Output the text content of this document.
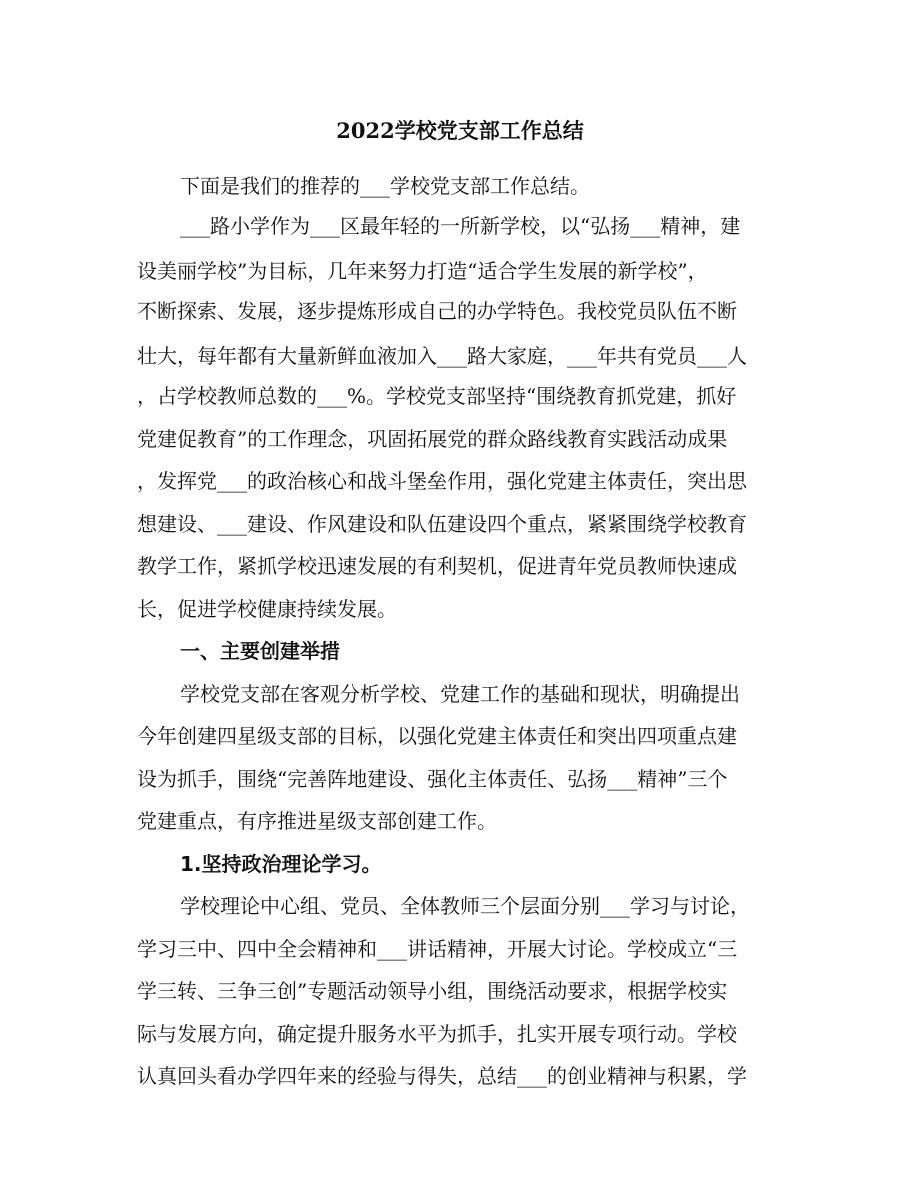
2022学校党支部工作总结
下面是我们的推荐的___学校党支部工作总结。
___路小学作为___区最年轻的一所新学校，以“弘扬___精神，建
设美丽学校”为目标，几年来努力打造“适合学生发展的新学校”，
不断探索、发展，逐步提炼形成自己的办学特色。我校党员队伍不断
壮大，每年都有大量新鲜血液加入___路大家庭，___年共有党员___人
，占学校教师总数的___%。学校党支部坚持“围绕教育抓党建，抓好
党建促教育”的工作理念，巩固拓展党的群众路线教育实践活动成果
，发挥党___的政治核心和战斗堡垒作用，强化党建主体责任，突出思
想建设、___建设、作风建设和队伍建设四个重点，紧紧围绕学校教育
教学工作，紧抓学校迅速发展的有利契机，促进青年党员教师快速成
长，促进学校健康持续发展。
一、主要创建举措
学校党支部在客观分析学校、党建工作的基础和现状，明确提出
今年创建四星级支部的目标，以强化党建主体责任和突出四项重点建
设为抓手，围绕“完善阵地建设、强化主体责任、弘扬___精神”三个
党建重点，有序推进星级支部创建工作。
1.坚持政治理论学习。
学校理论中心组、党员、全体教师三个层面分别___学习与讨论，
学习三中、四中全会精神和___讲话精神，开展大讨论。学校成立“三
学三转、三争三创”专题活动领导小组，围绕活动要求，根据学校实
际与发展方向，确定提升服务水平为抓手，扎实开展专项行动。学校
认真回头看办学四年来的经验与得失，总结___的创业精神与积累，学
